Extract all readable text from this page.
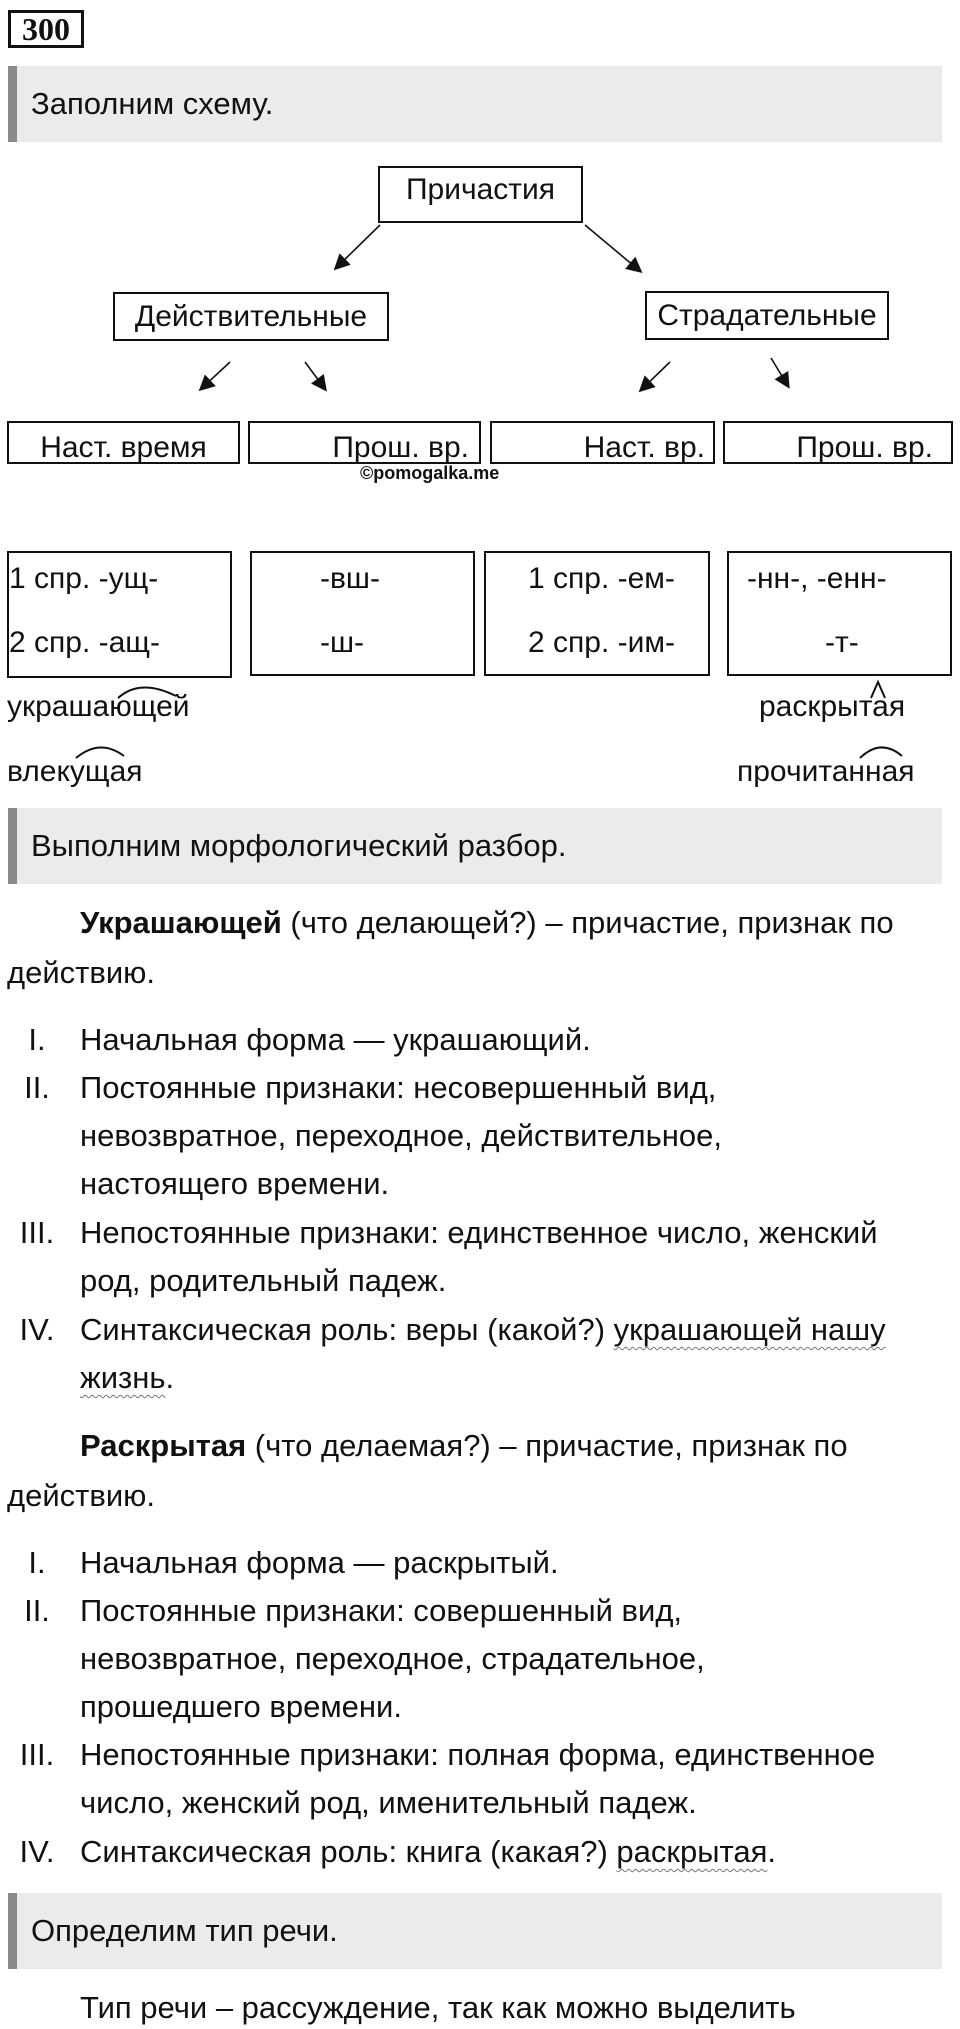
300
Заполним схему.
Причастия
Действительные	Страдательные
Наст. время	Прош. вр.	Наст. вр.	Прош. вр.
©pomogalka.me
1 спр. -ущ-
2 спр. -ащ-
-вш-
-ш-
1 спр. -ем-
2 спр. -им-
-нн-, -енн-
-т-
украшающей
влекущая
раскрытая
прочитанная
Выполним морфологический разбор.
Украшающей (что делающей?) – причастие, признак по
действию.
I.	Начальная форма — украшающий.
II. Постоянные признаки: несовершенный вид,
невозвратное, переходное, действительное,
настоящего времени.
III. Непостоянные признаки: единственное число, женский
род, родительный падеж.
IV. Синтаксическая роль: веры (какой?) украшающей нашу
жизнь.
Раскрытая (что делаемая?) – причастие, признак по
действию.
I.	Начальная форма — раскрытый.
II. Постоянные признаки: совершенный вид,
невозвратное, переходное, страдательное,
прошедшего времени.
III. Непостоянные признаки: полная форма, единственное
число, женский род, именительный падеж.
IV. Синтаксическая роль: книга (какая?) раскрытая.
Определим тип речи.
Тип речи – рассуждение, так как можно выделить
